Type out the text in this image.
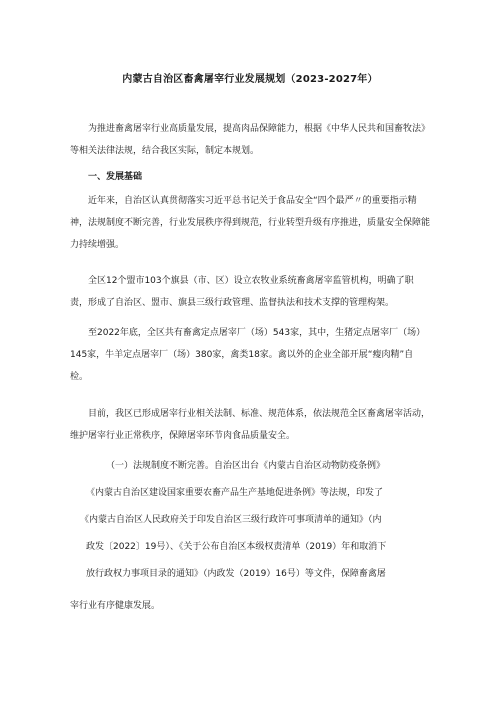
内蒙古自治区畜禽屠宰行业发展规划（2023-2027年）

为推进畜禽屠宰行业高质量发展，提高肉品保障能力，根据《中华人民共和国畜牧法》等相关法律法规，结合我区实际，制定本规划。

一、发展基础

近年来，自治区认真贯彻落实习近平总书记关于食品安全“四个最严〃的重要指示精神，法规制度不断完善，行业发展秩序得到规范，行业转型升级有序推进，质量安全保障能力持续增强。

全区12个盟市103个旗县（市、区）设立农牧业系统畜禽屠宰监管机构，明确了职责，形成了自治区、盟市、旗县三级行政管理、监督执法和技术支撑的管理构架。

至2022年底，全区共有畜禽定点屠宰厂（场）543家，其中，生猪定点屠宰厂（场）145家，牛羊定点屠宰厂（场）380家，禽类18家。禽以外的企业全部开展“瘦肉精”自检。

目前，我区已形成屠宰行业相关法制、标准、规范体系，依法规范全区畜禽屠宰活动，维护屠宰行业正常秩序，保障屠宰环节肉食品质量安全。

（一）法规制度不断完善。自治区出台《内蒙古自治区动物防疫条例》

《内蒙古自治区建设国家重要农畜产品生产基地促进条例》等法规，印发了

《内蒙古自治区人民政府关于印发自治区三级行政许可事项清单的通知》（内

政发〔2022〕19号）、《关于公布自治区本级权责清单（2019）年和取消下

放行政权力事项目录的通知》（内政发（2019）16号）等文件，保障畜禽屠

宰行业有序健康发展。
